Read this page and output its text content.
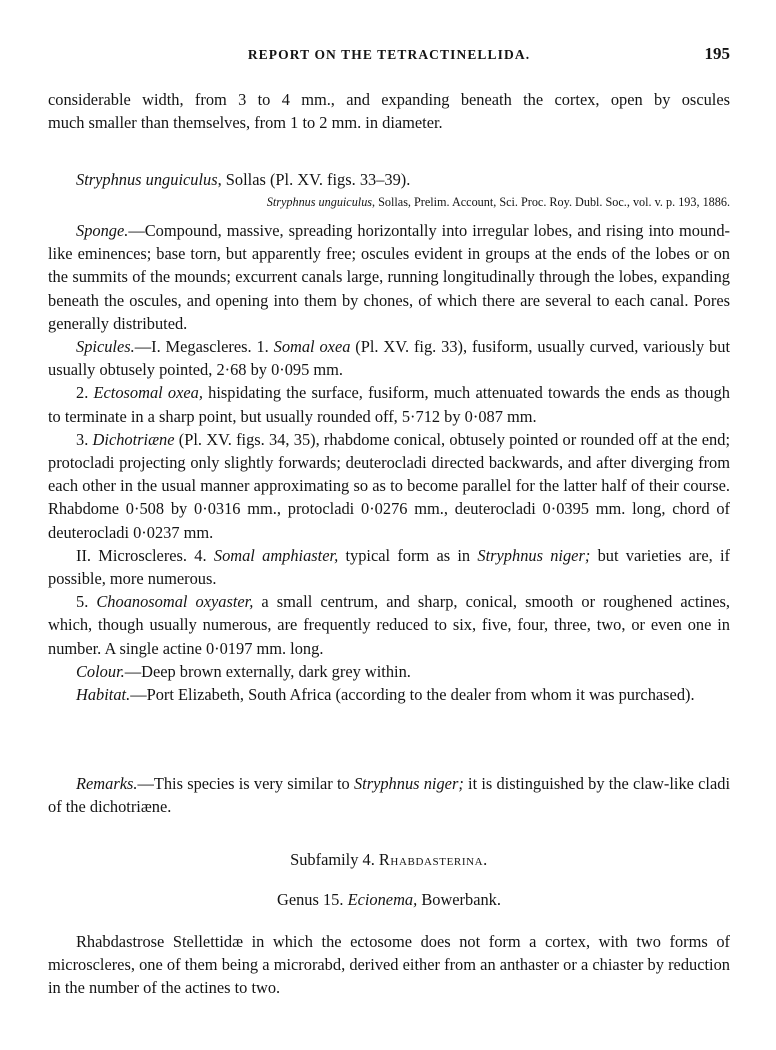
REPORT ON THE TETRACTINELLIDA.	195
considerable width, from 3 to 4 mm., and expanding beneath the cortex, open by oscules
much smaller than themselves, from 1 to 2 mm. in diameter.

Stryphnus unguiculus, Sollas (Pl. XV. figs. 33–39).

Stryphnus unguiculus, Sollas, Prelim. Account, Sci. Proc. Roy. Dubl. Soc., vol. v. p. 193, 1886.

Sponge.—Compound, massive, spreading horizontally into irregular lobes, and rising into mound-like eminences; base torn, but apparently free; oscules evident in groups at the ends of the lobes or on the summits of the mounds; excurrent canals large, running longitudinally through the lobes, expanding beneath the oscules, and opening into them by chones, of which there are several to each canal. Pores generally distributed.

Spicules.—I. Megascleres. 1. Somal oxea (Pl. XV. fig. 33), fusiform, usually curved, variously but usually obtusely pointed, 2·68 by 0·095 mm.

2. Ectosomal oxea, hispidating the surface, fusiform, much attenuated towards the ends as though to terminate in a sharp point, but usually rounded off, 5·712 by 0·087 mm.

3. Dichotriæne (Pl. XV. figs. 34, 35), rhabdome conical, obtusely pointed or rounded off at the end; protocladi projecting only slightly forwards; deuterocladi directed backwards, and after diverging from each other in the usual manner approximating so as to become parallel for the latter half of their course. Rhabdome 0·508 by 0·0316 mm., protocladi 0·0276 mm., deuterocladi 0·0395 mm. long, chord of deuterocladi 0·0237 mm.

II. Microscleres. 4. Somal amphiaster, typical form as in Stryphnus niger; but varieties are, if possible, more numerous.

5. Choanosomal oxyaster, a small centrum, and sharp, conical, smooth or roughened actines, which, though usually numerous, are frequently reduced to six, five, four, three, two, or even one in number. A single actine 0·0197 mm. long.

Colour.—Deep brown externally, dark grey within.

Habitat.—Port Elizabeth, South Africa (according to the dealer from whom it was purchased).

Remarks.—This species is very similar to Stryphnus niger; it is distinguished by the claw-like cladi of the dichotriæne.

Subfamily 4. Rhabdasterina.
Genus 15. Ecionema, Bowerbank.

Rhabdastrose Stellettidæ in which the ectosome does not form a cortex, with two forms of microscleres, one of them being a microrabd, derived either from an anthaster or a chiaster by reduction in the number of the actines to two.
